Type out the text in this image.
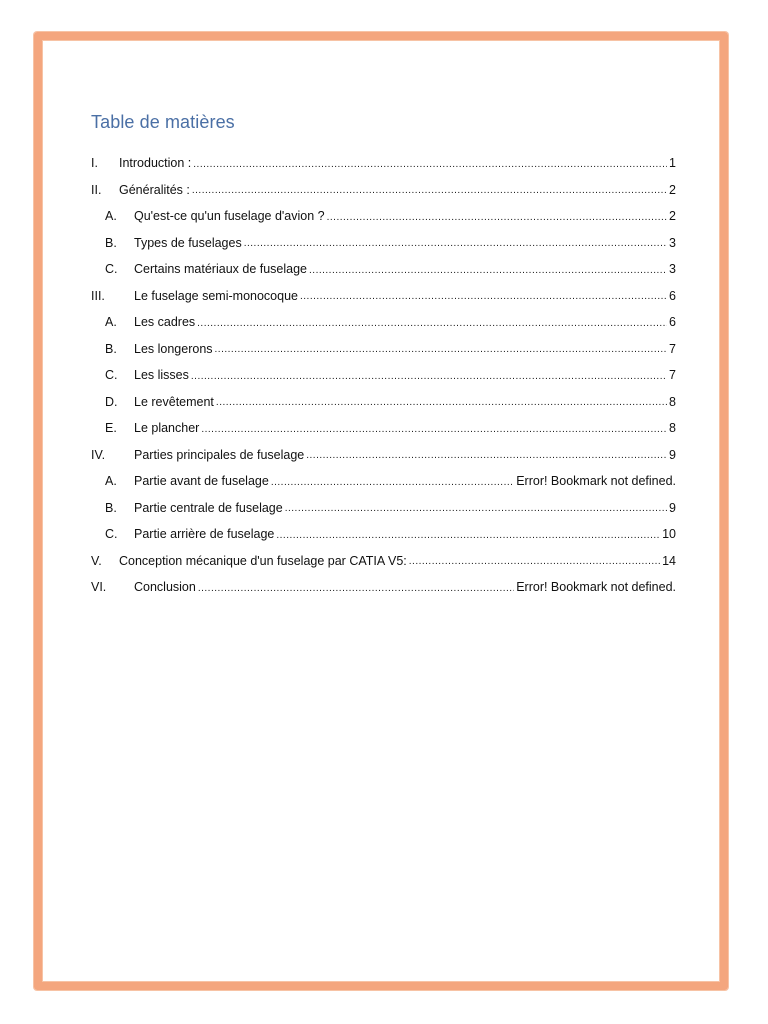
Table de matières
I.	Introduction : .....	1
II.	Généralités : .....	2
A.	Qu'est-ce qu'un fuselage d'avion ? .....	2
B.	Types de fuselages .....	3
C.	Certains matériaux de fuselage .....	3
III.	Le fuselage semi-monocoque .....	6
A.	Les cadres .....	6
B.	Les longerons .....	7
C.	Les lisses .....	7
D.	Le revêtement .....	8
E.	Le plancher .....	8
IV.	Parties principales de fuselage .....	9
A.	Partie avant de fuselage .....	Error! Bookmark not defined.
B.	Partie centrale de fuselage .....	9
C.	Partie arrière de fuselage .....	10
V.	Conception mécanique d'un fuselage par CATIA V5: .....	14
VI.	Conclusion .....	Error! Bookmark not defined.
